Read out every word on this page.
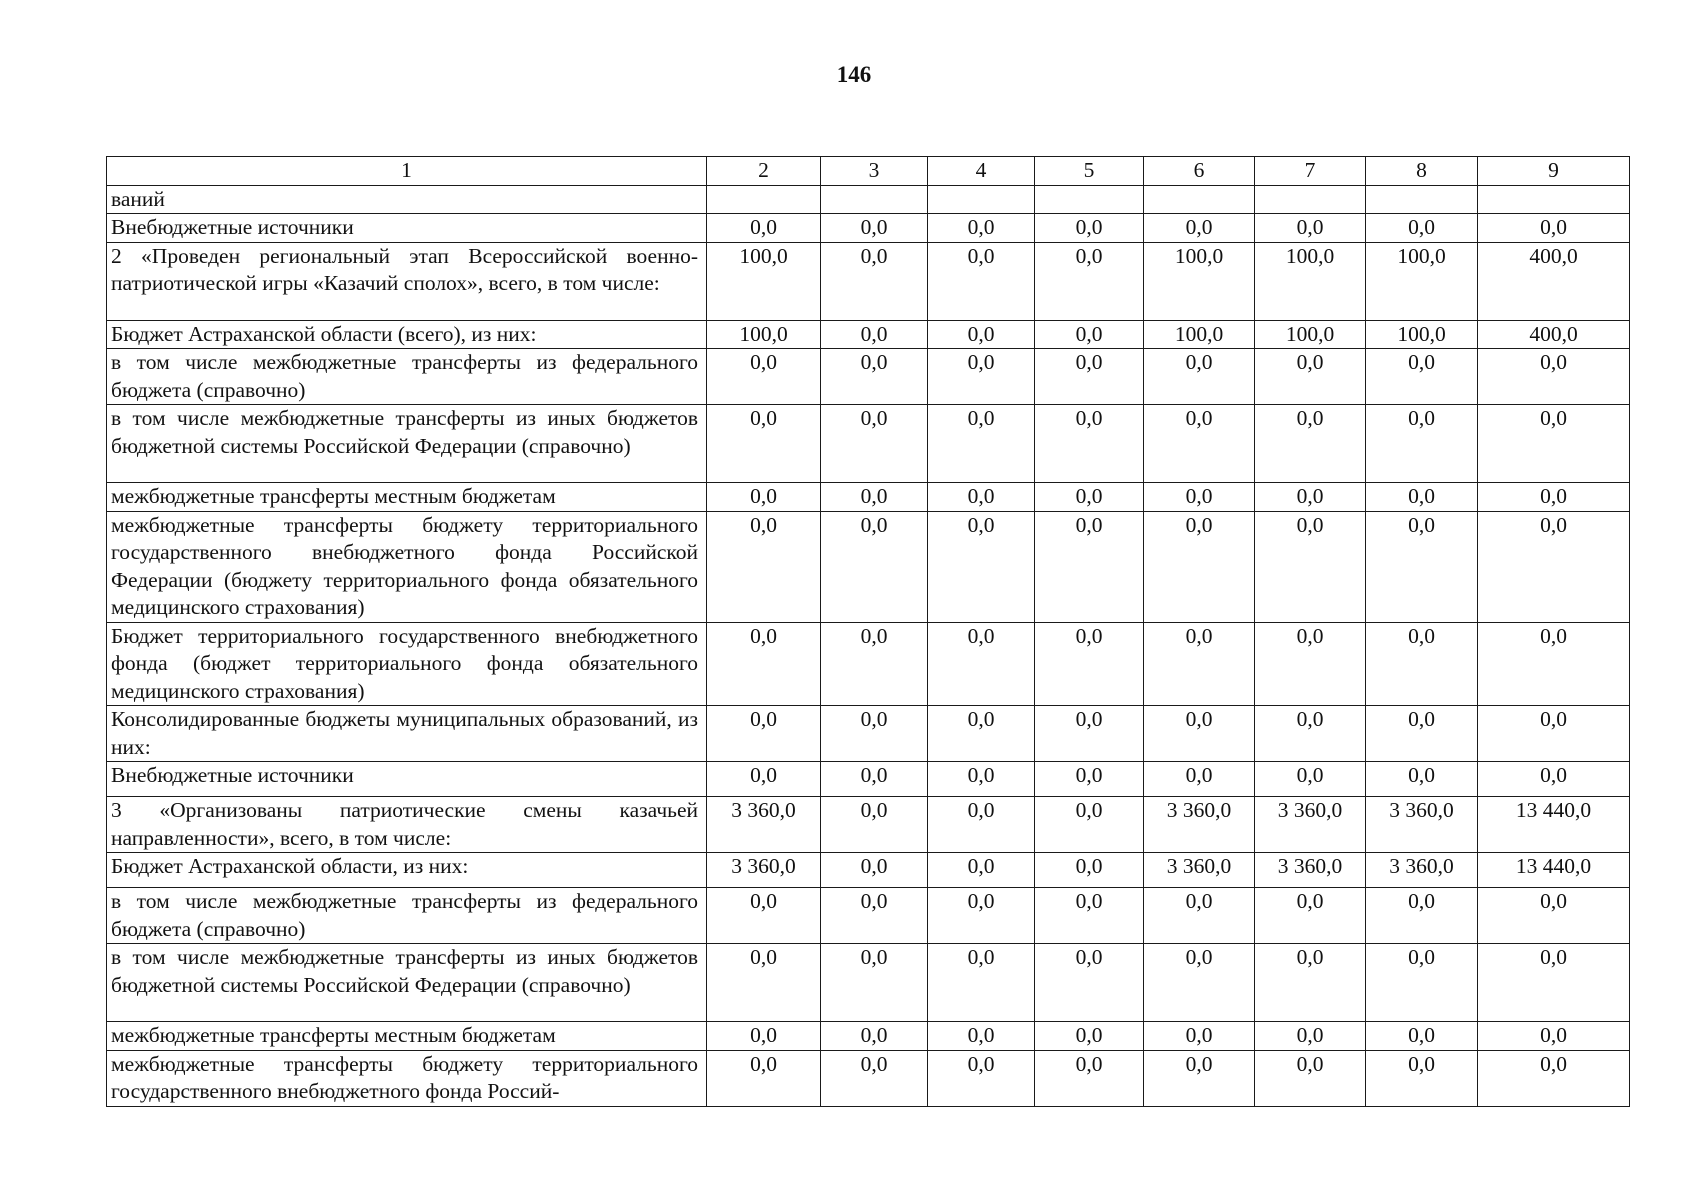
146
1	2	3	4	5	6	7	8	9
ваний								
Внебюджетные источники	0,0	0,0	0,0	0,0	0,0	0,0	0,0	0,0
2 «Проведен региональный этап Всероссийской военно-патриотической игры «Казачий сполох», всего, в том числе:	100,0	0,0	0,0	0,0	100,0	100,0	100,0	400,0
Бюджет Астраханской области (всего), из них:	100,0	0,0	0,0	0,0	100,0	100,0	100,0	400,0
в том числе межбюджетные трансферты из федерального бюджета (справочно)	0,0	0,0	0,0	0,0	0,0	0,0	0,0	0,0
в том числе межбюджетные трансферты из иных бюджетов бюджетной системы Российской Федерации (справочно)	0,0	0,0	0,0	0,0	0,0	0,0	0,0	0,0
межбюджетные трансферты местным бюджетам	0,0	0,0	0,0	0,0	0,0	0,0	0,0	0,0
межбюджетные трансферты бюджету территориального государственного внебюджетного фонда Российской Федерации (бюджету территориального фонда обязательного медицинского страхования)	0,0	0,0	0,0	0,0	0,0	0,0	0,0	0,0
Бюджет территориального государственного внебюджетного фонда (бюджет территориального фонда обязательного медицинского страхования)	0,0	0,0	0,0	0,0	0,0	0,0	0,0	0,0
Консолидированные бюджеты муниципальных образований, из них:	0,0	0,0	0,0	0,0	0,0	0,0	0,0	0,0
Внебюджетные источники	0,0	0,0	0,0	0,0	0,0	0,0	0,0	0,0
3 «Организованы патриотические смены казачьей направленности», всего, в том числе:	3 360,0	0,0	0,0	0,0	3 360,0	3 360,0	3 360,0	13 440,0
Бюджет Астраханской области, из них:	3 360,0	0,0	0,0	0,0	3 360,0	3 360,0	3 360,0	13 440,0
в том числе межбюджетные трансферты из федерального бюджета (справочно)	0,0	0,0	0,0	0,0	0,0	0,0	0,0	0,0
в том числе межбюджетные трансферты из иных бюджетов бюджетной системы Российской Федерации (справочно)	0,0	0,0	0,0	0,0	0,0	0,0	0,0	0,0
межбюджетные трансферты местным бюджетам	0,0	0,0	0,0	0,0	0,0	0,0	0,0	0,0
межбюджетные трансферты бюджету территориального государственного внебюджетного фонда Россий-	0,0	0,0	0,0	0,0	0,0	0,0	0,0	0,0
